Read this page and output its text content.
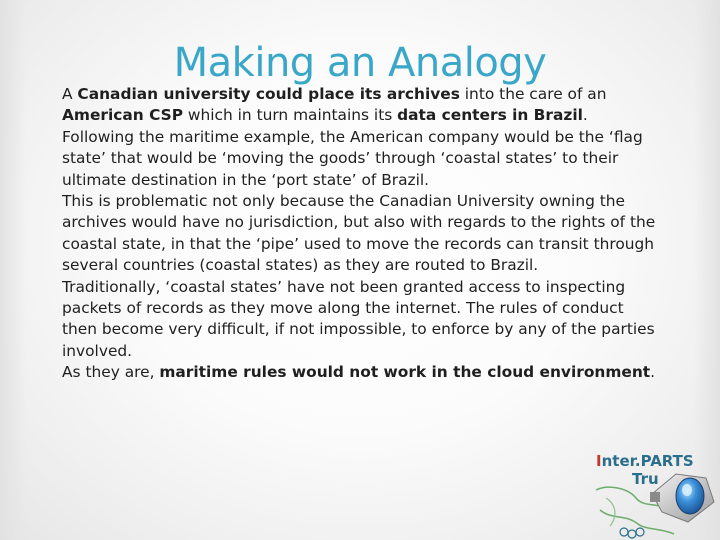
Making an Analogy

A Canadian university could place its archives into the care of an American CSP which in turn maintains its data centers in Brazil. Following the maritime example, the American company would be the ‘flag state’ that would be ‘moving the goods’ through ‘coastal states’ to their ultimate destination in the ‘port state’ of Brazil.

This is problematic not only because the Canadian University owning the archives would have no jurisdiction, but also with regards to the rights of the coastal state, in that the ‘pipe’ used to move the records can transit through several countries (coastal states) as they are routed to Brazil.

Traditionally, ‘coastal states’ have not been granted access to inspecting packets of records as they move along the internet. The rules of conduct then become very difficult, if not impossible, to enforce by any of the parties involved.

As they are, maritime rules would not work in the cloud environment.

Inter.PARTS
Tru
